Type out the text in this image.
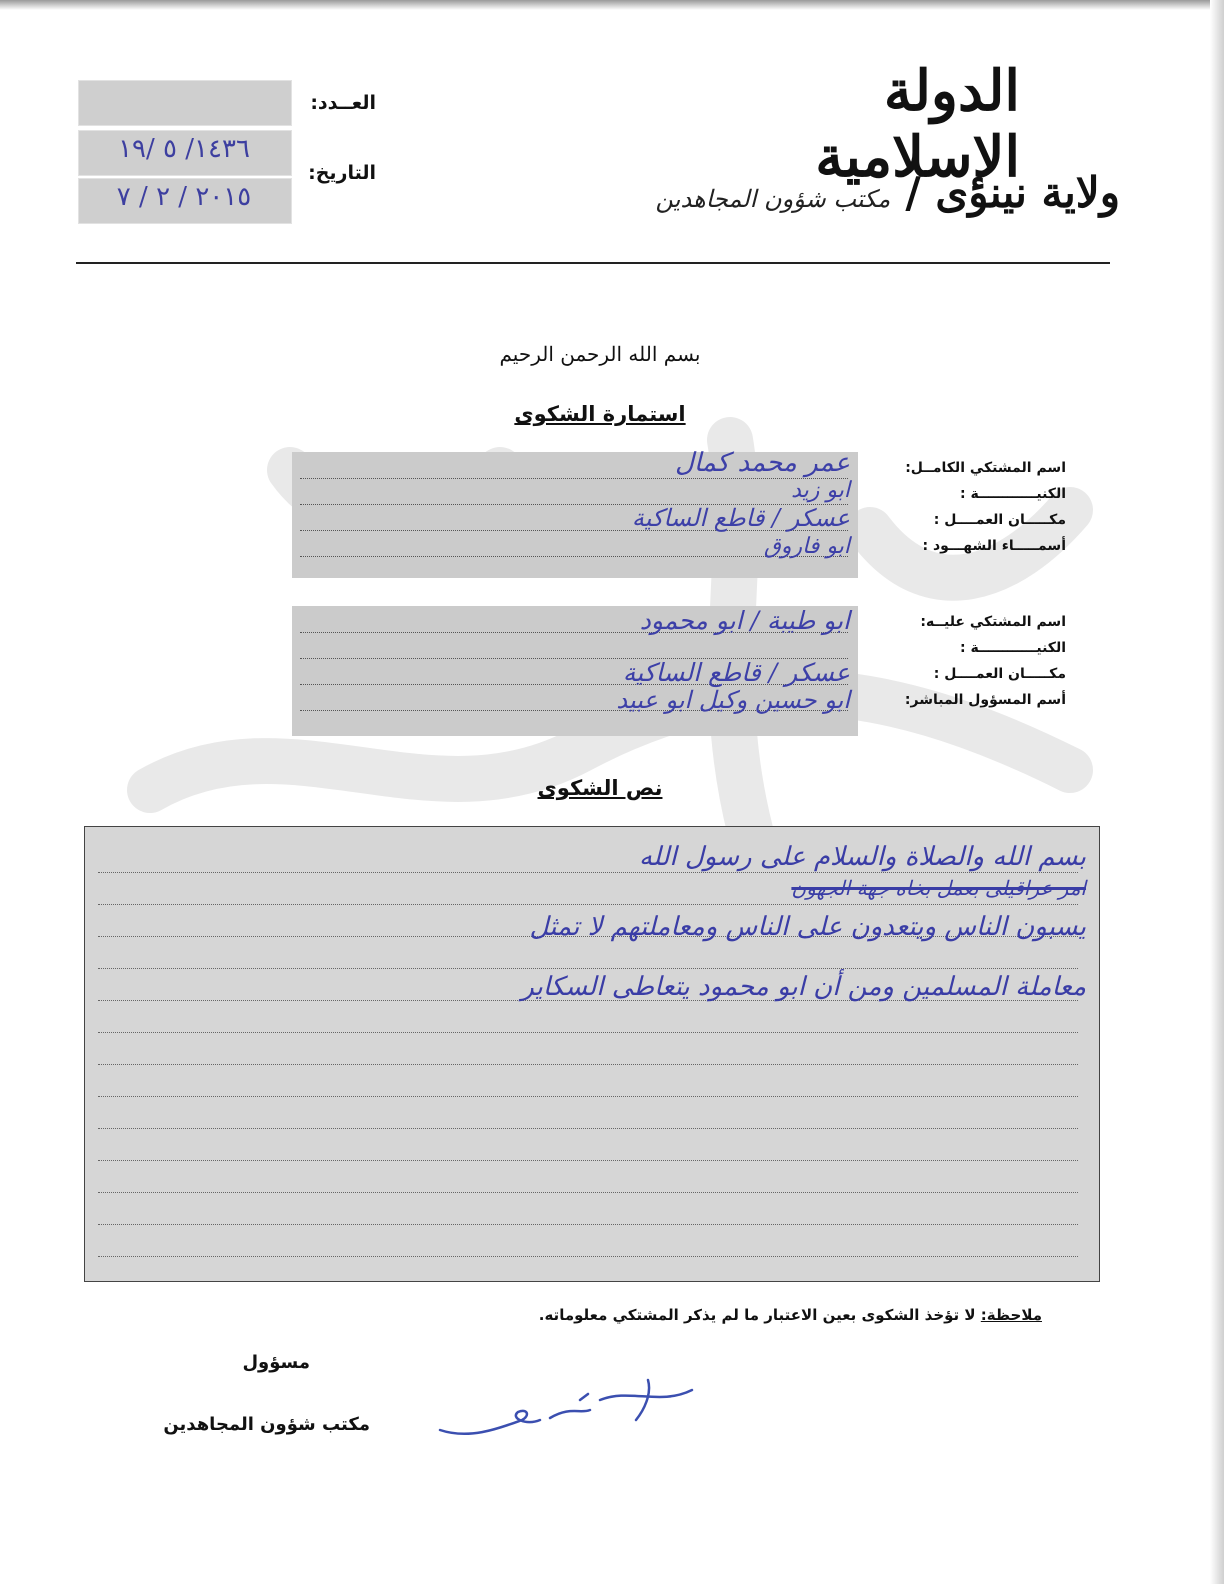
الدولة الإسلامية
ولاية نينوى / مكتب شؤون المجاهدين
العــدد:
التاريخ:
١٤٣٦/ ٥ /١٩
٢٠١٥ / ٢ / ٧
بسم الله الرحمن الرحيم
استمارة الشكوى
اسم المشتكي الكامــل:
الكنيــــــــــــة :
مكـــــان العمــــل :
أسمـــــاء الشهـــود :
عمر محمد كمال
ابو زيد
عسكر / قاطع الساكية
ابو فاروق
اسم المشتكي عليــه:
الكنيــــــــــــة :
مكـــــان العمــــل :
أسم المسؤول المباشر:
ابو طيبة / ابو محمود
عسكر / قاطع الساكية
ابو حسين وكيل ابو عبيد
نص الشكوى
بسم الله والصلاة والسلام على رسول الله
امر عراقيلى بعمل بخاه جهة الجهون
يسبون الناس ويتعدون على الناس ومعاملتهم لا تمثل
معاملة المسلمين ومن أن ابو محمود يتعاطى السكاير
ملاحظة: لا تؤخذ الشكوى بعين الاعتبار ما لم يذكر المشتكي معلوماته.
مسؤول
مكتب شؤون المجاهدين
